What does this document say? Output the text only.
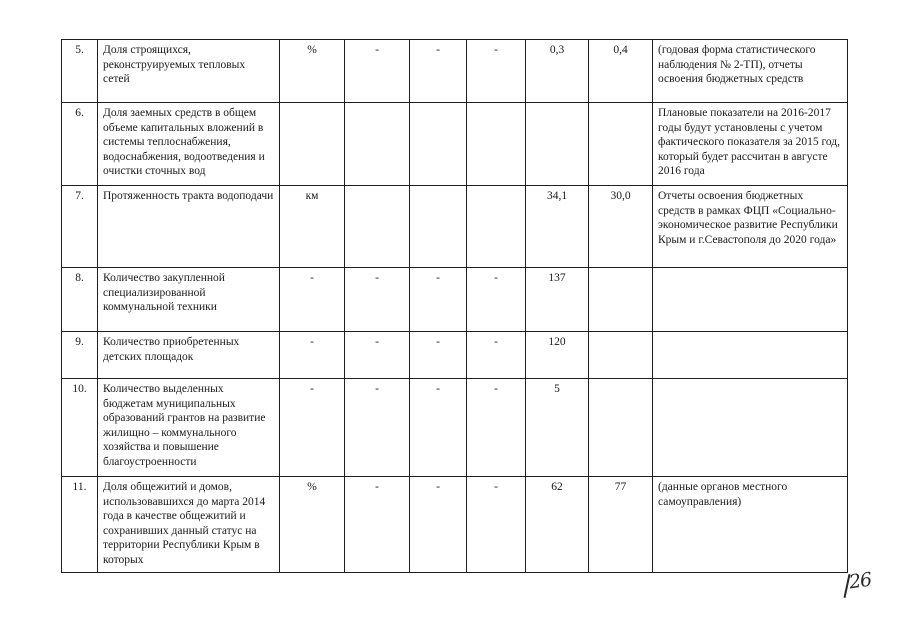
5.	Доля строящихся, реконструируемых тепловых сетей	%	-	-	-	0,3	0,4	(годовая форма статистического наблюдения № 2-ТП), отчеты освоения бюджетных средств
6.	Доля заемных средств в общем объеме капитальных вложений в системы теплоснабжения, водоснабжения, водоотведения и очистки сточных вод							Плановые показатели на 2016-2017 годы будут установлены с учетом фактического показателя за 2015 год, который будет рассчитан в августе 2016 года
7.	Протяженность тракта водоподачи	км				34,1	30,0	Отчеты освоения бюджетных средств в рамках ФЦП «Социально-экономическое развитие Республики Крым и г.Севастополя до 2020 года»
8.	Количество закупленной специализированной коммунальной техники	-	-	-	-	137		
9.	Количество приобретенных детских площадок	-	-	-	-	120		
10.	Количество выделенных бюджетам муниципальных образований грантов на развитие жилищно – коммунального хозяйства и повышение благоустроенности	-	-	-	-	5		
11.	Доля общежитий и домов, использовавшихся до марта 2014 года в качестве общежитий и сохранивших данный статус на территории Республики Крым в которых	%	-	-	-	62	77	(данные органов местного самоуправления)
26
